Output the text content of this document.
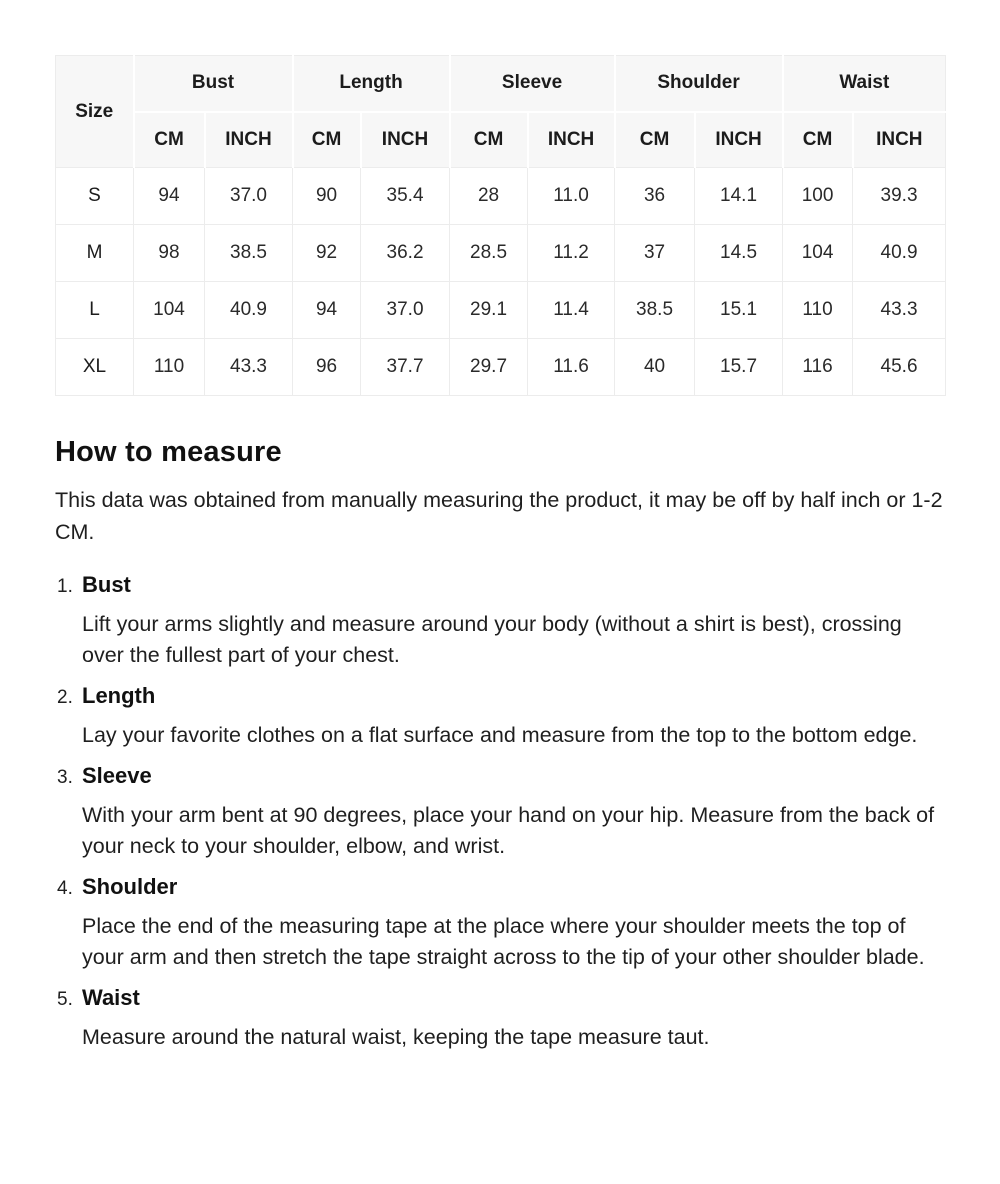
Size	Bust		Length		Sleeve		Shoulder		Waist	
	CM	INCH	CM	INCH	CM	INCH	CM	INCH	CM	INCH
S	94	37.0	90	35.4	28	11.0	36	14.1	100	39.3
M	98	38.5	92	36.2	28.5	11.2	37	14.5	104	40.9
L	104	40.9	94	37.0	29.1	11.4	38.5	15.1	110	43.3
XL	110	43.3	96	37.7	29.7	11.6	40	15.7	116	45.6
How to measure

This data was obtained from manually measuring the product, it may be off by half inch or 1-2 CM.

1. Bust
Lift your arms slightly and measure around your body (without a shirt is best), crossing over the fullest part of your chest.
2. Length
Lay your favorite clothes on a flat surface and measure from the top to the bottom edge.
3. Sleeve
With your arm bent at 90 degrees, place your hand on your hip. Measure from the back of your neck to your shoulder, elbow, and wrist.
4. Shoulder
Place the end of the measuring tape at the place where your shoulder meets the top of your arm and then stretch the tape straight across to the tip of your other shoulder blade.
5. Waist
Measure around the natural waist, keeping the tape measure taut.
